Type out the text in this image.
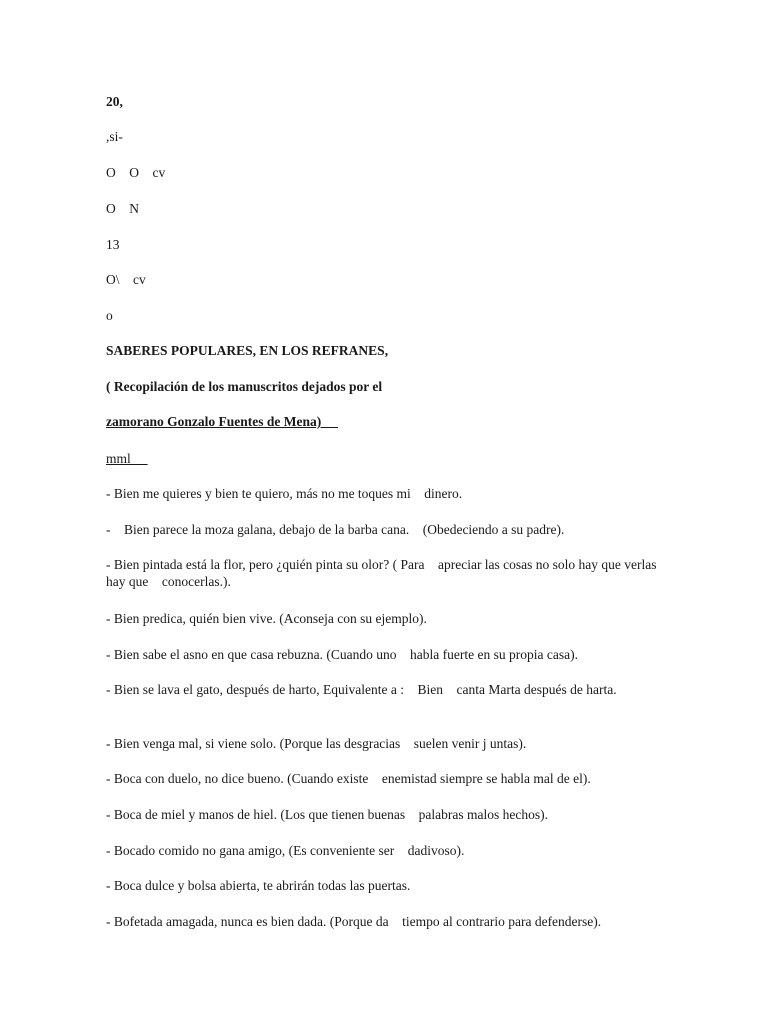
20,

,si-

O    O    cv

O    N

13

O\    cv

o

SABERES POPULARES, EN LOS REFRANES,

( Recopilación de los manuscritos dejados por el

zamorano Gonzalo Fuentes de Mena)

mml

- Bien me quieres y bien te quiero, más no me toques mi    dinero.

-    Bien parece la moza galana, debajo de la barba cana.    (Obedeciendo a su padre).

- Bien pintada está la flor, pero ¿quién pinta su olor? ( Para    apreciar las cosas no solo hay que verlas hay que    conocerlas.).

- Bien predica, quién bien vive. (Aconseja con su ejemplo).

- Bien sabe el asno en que casa rebuzna. (Cuando uno    habla fuerte en su propia casa).

- Bien se lava el gato, después de harto, Equivalente a :    Bien    canta Marta después de harta.

- Bien venga mal, si viene solo. (Porque las desgracias    suelen venir j untas).

- Boca con duelo, no dice bueno. (Cuando existe    enemistad siempre se habla mal de el).

- Boca de miel y manos de hiel. (Los que tienen buenas    palabras malos hechos).

- Bocado comido no gana amigo, (Es conveniente ser    dadivoso).

- Boca dulce y bolsa abierta, te abrirán todas las puertas.

- Bofetada amagada, nunca es bien dada. (Porque da    tiempo al contrario para defenderse).
